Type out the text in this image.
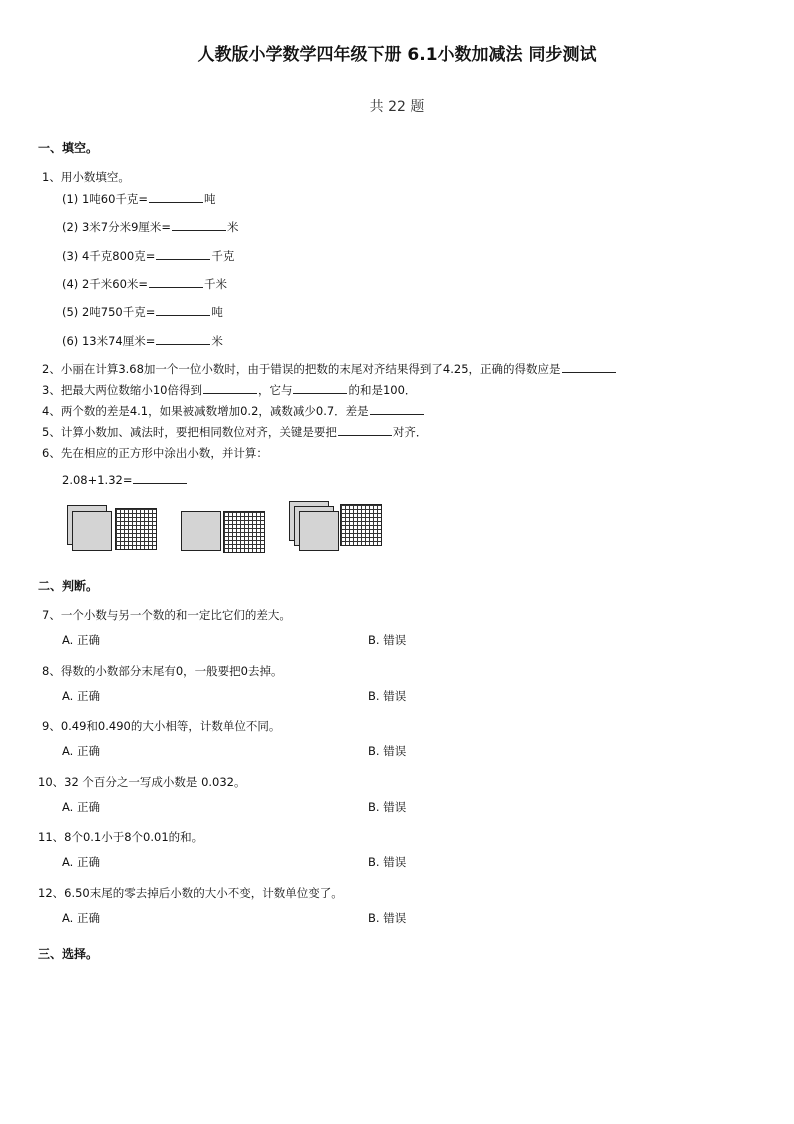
人教版小学数学四年级下册 6.1小数加减法 同步测试
共 22 题
一、填空。
1、用小数填空。
(1) 1吨60千克=	吨
(2) 3米7分米9厘米=	米
(3) 4千克800克=	千克
(4) 2千米60米=	千米
(5) 2吨750千克=	吨
(6) 13米74厘米=	米
2、小丽在计算3.68加一个一位小数时，由于错误的把数的末尾对齐结果得到了4.25，正确的得数应是
3、把最大两位数缩小10倍得到	，它与	的和是100．
4、两个数的差是4.1，如果被减数增加0.2，减数减少0.7．差是
5、计算小数加、减法时，要把相同数位对齐，关键是要把	对齐．
6、先在相应的正方形中涂出小数，并计算：
2.08+1.32=
二、判断。
7、一个小数与另一个数的和一定比它们的差大。
A. 正确	B. 错误
8、得数的小数部分末尾有0，一般要把0去掉。
A. 正确	B. 错误
9、0.49和0.490的大小相等，计数单位不同。
A. 正确	B. 错误
10、32 个百分之一写成小数是 0.032。
A. 正确	B. 错误
11、8个0.1小于8个0.01的和。
A. 正确	B. 错误
12、6.50末尾的零去掉后小数的大小不变，计数单位变了。
A. 正确	B. 错误
三、选择。
